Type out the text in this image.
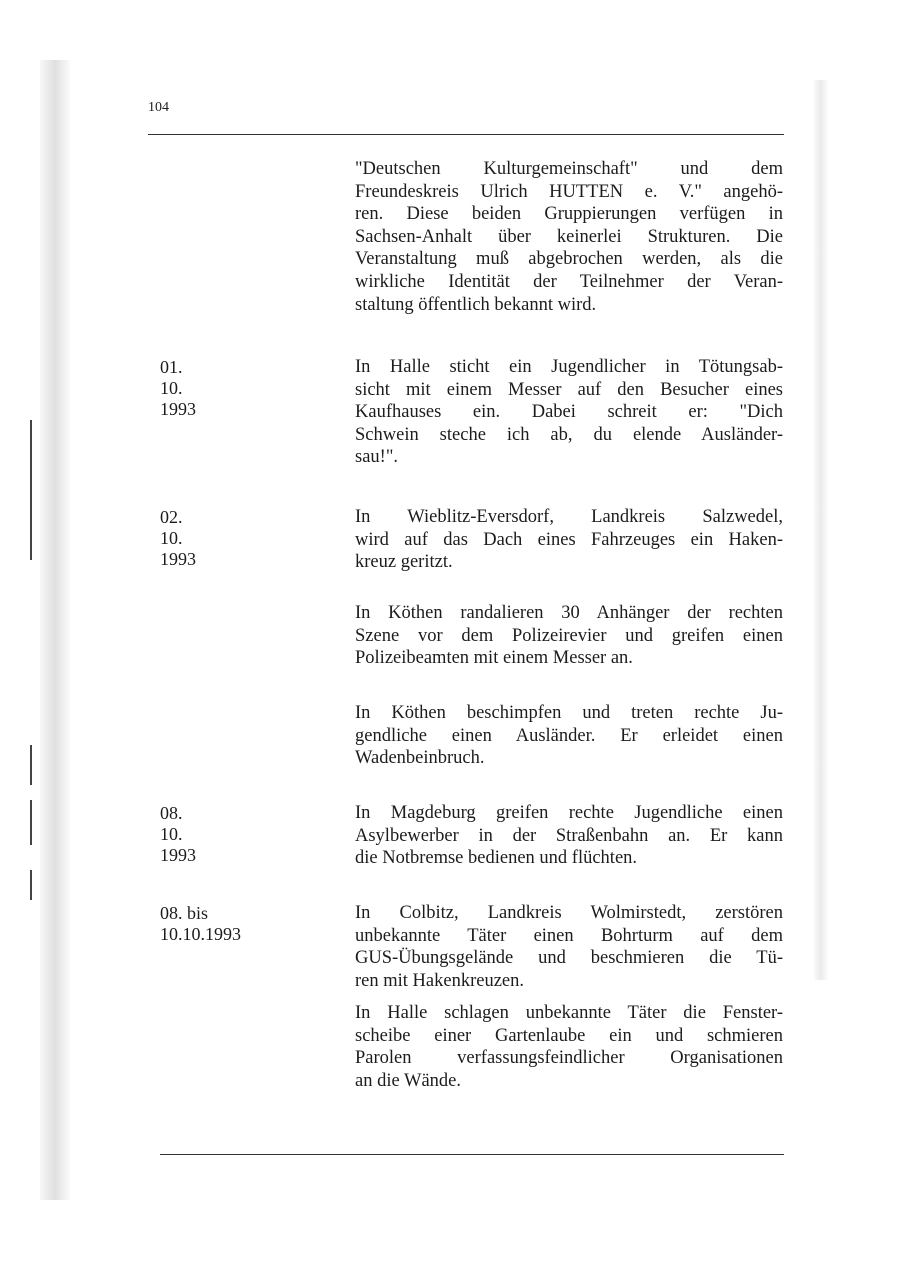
104
"Deutschen Kulturgemeinschaft" und dem
Freundeskreis Ulrich HUTTEN e. V." angehö-
ren. Diese beiden Gruppierungen verfügen in
Sachsen-Anhalt über keinerlei Strukturen. Die
Veranstaltung muß abgebrochen werden, als die
wirkliche Identität der Teilnehmer der Veran-
staltung öffentlich bekannt wird.
01. 10. 1993
In Halle sticht ein Jugendlicher in Tötungsab-
sicht mit einem Messer auf den Besucher eines
Kaufhauses ein. Dabei schreit er: "Dich
Schwein steche ich ab, du elende Ausländer-
sau!".
02. 10. 1993
In Wieblitz-Eversdorf, Landkreis Salzwedel,
wird auf das Dach eines Fahrzeuges ein Haken-
kreuz geritzt.
In Köthen randalieren 30 Anhänger der rechten
Szene vor dem Polizeirevier und greifen einen
Polizeibeamten mit einem Messer an.
In Köthen beschimpfen und treten rechte Ju-
gendliche einen Ausländer. Er erleidet einen
Wadenbeinbruch.
08. 10. 1993
In Magdeburg greifen rechte Jugendliche einen
Asylbewerber in der Straßenbahn an. Er kann
die Notbremse bedienen und flüchten.
08. bis 10.10.1993
In Colbitz, Landkreis Wolmirstedt, zerstören
unbekannte Täter einen Bohrturm auf dem
GUS-Übungsgelände und beschmieren die Tü-
ren mit Hakenkreuzen.
In Halle schlagen unbekannte Täter die Fenster-
scheibe einer Gartenlaube ein und schmieren
Parolen verfassungsfeindlicher Organisationen
an die Wände.
